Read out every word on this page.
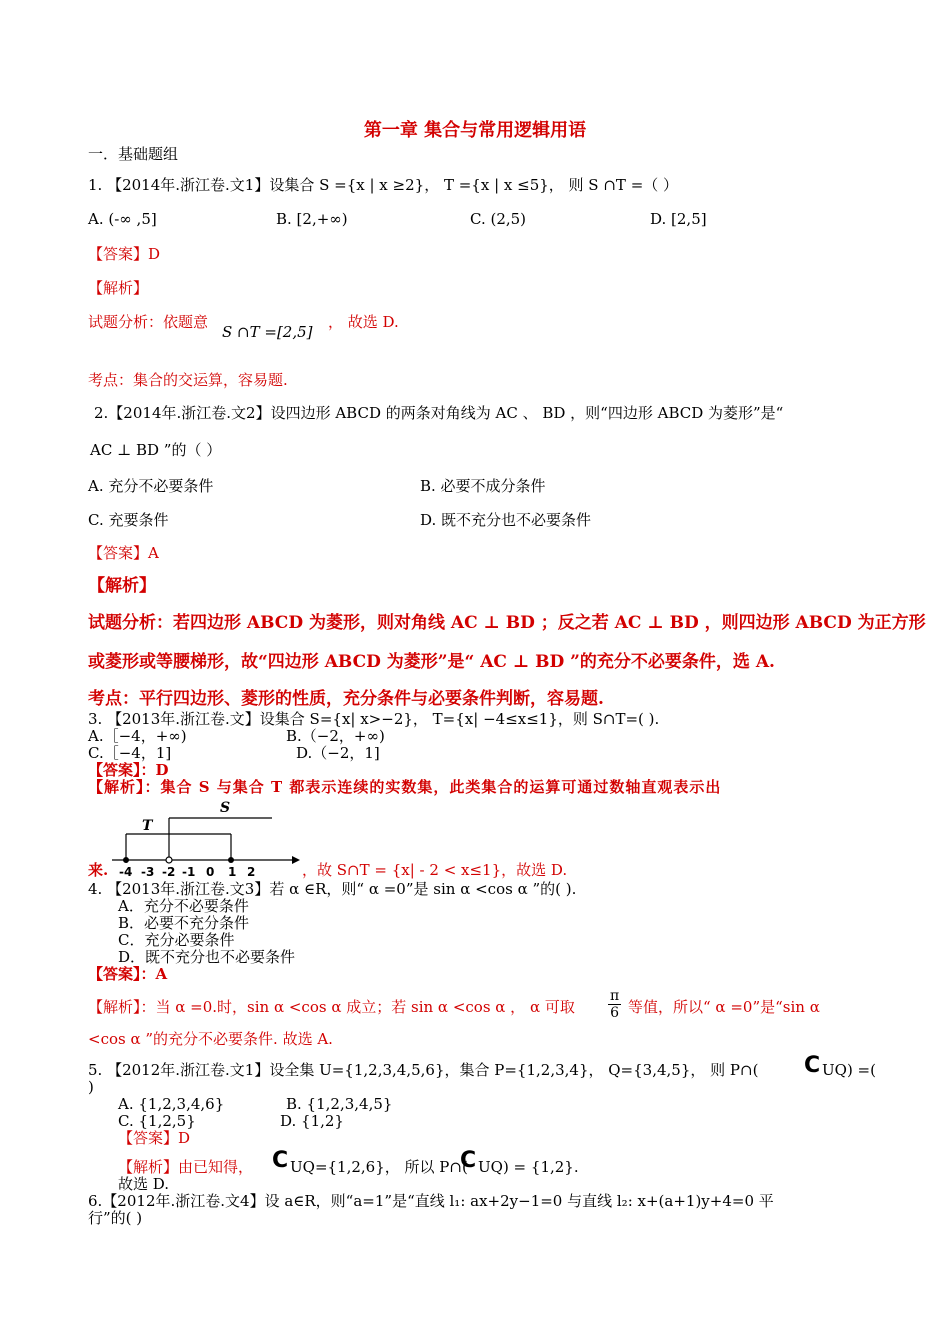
第一章 集合与常用逻辑用语
一．基础题组
1. 【2014年.浙江卷.文1】设集合 S ={x | x ≥2}， T ={x | x ≤5}， 则 S ∩T =（ ）
A. (-∞ ,5]	B. [2,+∞)	C. (2,5)	D. [2,5]
【答案】D
【解析】
试题分析：依题意
S ∩T =[2,5]
， 故选 D.
考点：集合的交运算，容易题.
2.【2014年.浙江卷.文2】设四边形 ABCD 的两条对角线为 AC 、 BD ，则“四边形 ABCD 为菱形”是“
AC ⊥ BD ”的（ ）
A. 充分不必要条件	B. 必要不成分条件
C. 充要条件	D. 既不充分也不必要条件
【答案】A
【解析】
试题分析：若四边形 ABCD 为菱形，则对角线 AC ⊥ BD ；反之若 AC ⊥ BD ，则四边形 ABCD 为正方形
或菱形或等腰梯形，故“四边形 ABCD 为菱形”是“ AC ⊥ BD ”的充分不必要条件，选 A.
考点：平行四边形、菱形的性质，充分条件与必要条件判断，容易题.
3. 【2013年.浙江卷.文】设集合 S={x| x>−2}， T={x| −4≤x≤1}，则 S∩T=( ).
A.［−4，+∞)	B.（−2，+∞)
C.［−4，1]	D.（−2，1]
【答案】：D
【解析】：集合 S 与集合 T 都表示连续的实数集，此类集合的运算可通过数轴直观表示出
S
T
-4 -3 -2 -1 0 1 2
来.	，故 S∩T = {x| - 2 < x≤1}，故选 D.
4. 【2013年.浙江卷.文3】若 α ∈R，则“ α =0”是 sin α <cos α ”的( ).
A．充分不必要条件
B．必要不充分条件
C．充分必要条件
D．既不充分也不必要条件
【答案】：A
【解析】：当 α =0.时，sin α <cos α 成立；若 sin α <cos α ， α 可取 $\frac{\pi}{6}$ 等值，所以“ α =0”是“sin α
<cos α ”的充分不必要条件. 故选 A.
5. 【2012年.浙江卷.文1】设全集 U={1,2,3,4,5,6}，集合 P={1,2,3,4}， Q={3,4,5}， 则 P∩( C UQ) =(
)
A. {1,2,3,4,6}	B. {1,2,3,4,5}
C. {1,2,5}	D. {1,2}
【答案】D
【解析】由已知得， C UQ={1,2,6}， 所以 P∩(
C UQ) = {1,2}.
故选 D.
6.【2012年.浙江卷.文4】设 a∈R，则“a=1”是“直线 l₁: ax+2y−1=0 与直线 l₂: x+(a+1)y+4=0 平
行”的( )
